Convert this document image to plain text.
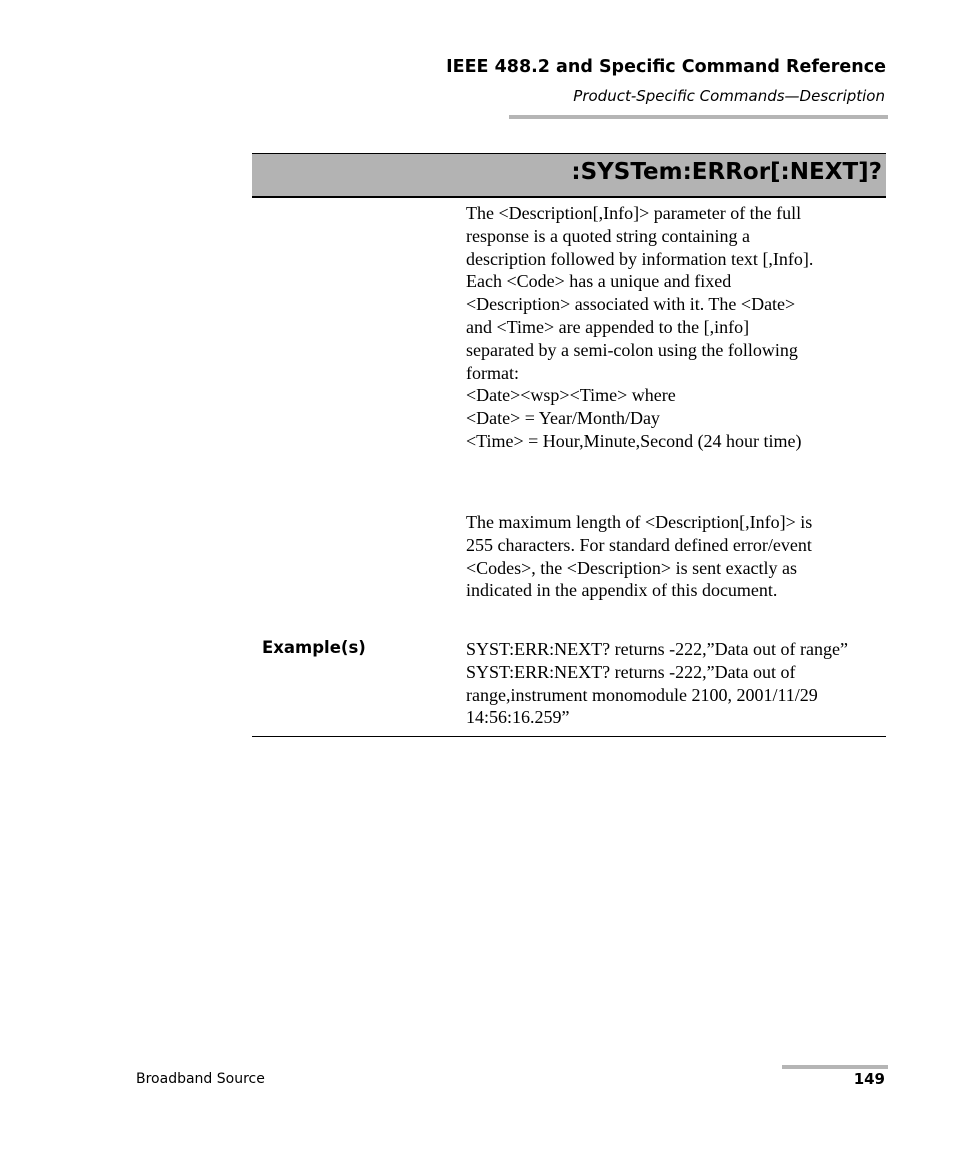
IEEE 488.2 and Specific Command Reference
Product-Specific Commands—Description
:SYSTem:ERRor[:NEXT]?
The <Description[,Info]> parameter of the full
response is a quoted string containing a
description followed by information text [,Info].
Each <Code> has a unique and fixed
<Description> associated with it. The <Date>
and <Time> are appended to the [,info]
separated by a semi-colon using the following
format:
<Date><wsp><Time> where
<Date> = Year/Month/Day
<Time> = Hour,Minute,Second (24 hour time)
The maximum length of <Description[,Info]> is
255 characters. For standard defined error/event
<Codes>, the <Description> is sent exactly as
indicated in the appendix of this document.
Example(s)	SYST:ERR:NEXT? returns -222,”Data out of range”
SYST:ERR:NEXT? returns -222,”Data out of
range,instrument monomodule 2100, 2001/11/29
14:56:16.259”
Broadband Source	149
